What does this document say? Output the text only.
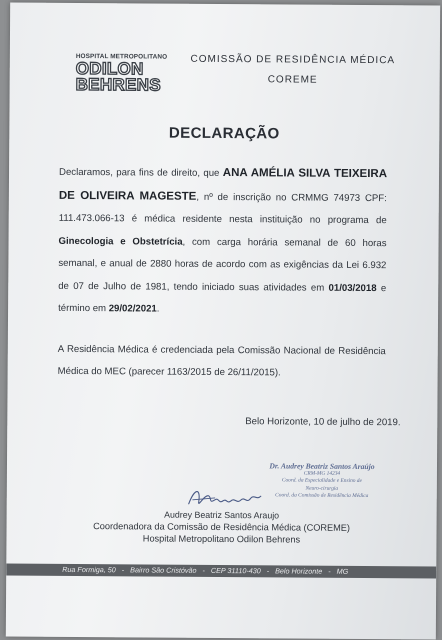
HOSPITAL METROPOLITANO
ODILON
BEHRENS
COMISSÃO DE RESIDÊNCIA MÉDICA
COREME
DECLARAÇÃO

Declaramos, para fins de direito, que ANA AMÉLIA SILVA TEIXEIRA DE OLIVEIRA MAGESTE, nº de inscrição no CRMMG 74973 CPF: 111.473.066-13 é médica residente nesta instituição no programa de Ginecologia e Obstetrícia, com carga horária semanal de 60 horas semanal, e anual de 2880 horas de acordo com as exigências da Lei 6.932 de 07 de Julho de 1981, tendo iniciado suas atividades em 01/03/2018 e término em 29/02/2021.

A Residência Médica é credenciada pela Comissão Nacional de Residência Médica do MEC (parecer 1163/2015 de 26/11/2015).

Belo Horizonte, 10 de julho de 2019.
Dr. Audrey Beatriz Santos Araújo
CRM-MG 14234
Coord. da Especialidade e Ensino de
Neuro-cirurgia
Coord. da Comissão de Residência Médica
Audrey Beatriz Santos Araujo
Coordenadora da Comissão de Residência Médica (COREME)
Hospital Metropolitano Odilon Behrens
Rua Formiga, 50 - Bairro São Cristóvão - CEP 31110-430 - Belo Horizonte - MG
